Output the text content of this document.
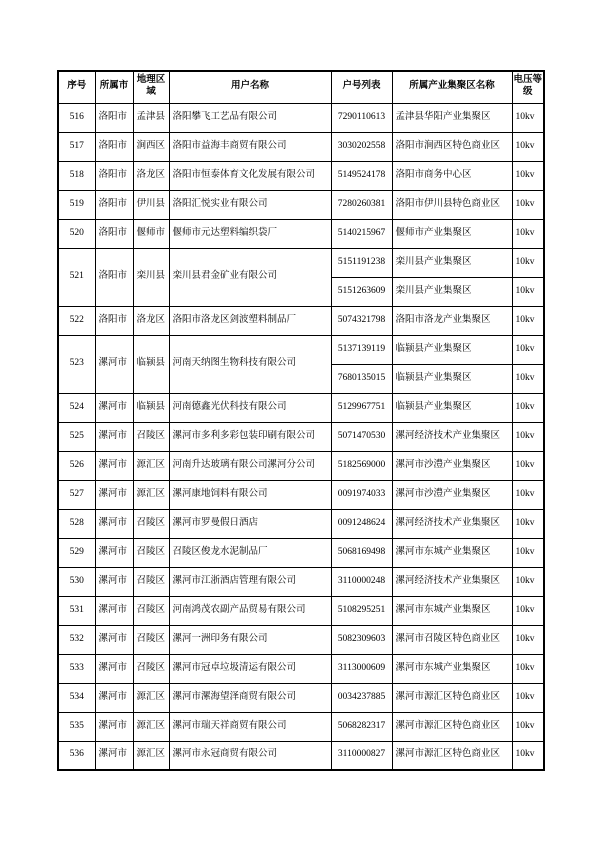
序号	所属市	地理区域	用户名称	户号列表	所属产业集聚区名称	电压等级
516	洛阳市	孟津县	洛阳攀飞工艺品有限公司	7290110613	孟津县华阳产业集聚区	10kv
517	洛阳市	涧西区	洛阳市益海丰商贸有限公司	3030202558	洛阳市涧西区特色商业区	10kv
518	洛阳市	洛龙区	洛阳市恒泰体育文化发展有限公司	5149524178	洛阳市商务中心区	10kv
519	洛阳市	伊川县	洛阳汇悦实业有限公司	7280260381	洛阳市伊川县特色商业区	10kv
520	洛阳市	偃师市	偃师市元达塑料编织袋厂	5140215967	偃师市产业集聚区	10kv
521	洛阳市	栾川县	栾川县君金矿业有限公司	5151191238	栾川县产业集聚区	10kv
				5151263609	栾川县产业集聚区	10kv
522	洛阳市	洛龙区	洛阳市洛龙区剑波塑料制品厂	5074321798	洛阳市洛龙产业集聚区	10kv
523	漯河市	临颍县	河南天纳图生物科技有限公司	5137139119	临颍县产业集聚区	10kv
				7680135015	临颍县产业集聚区	10kv
524	漯河市	临颍县	河南德鑫光伏科技有限公司	5129967751	临颍县产业集聚区	10kv
525	漯河市	召陵区	漯河市多利多彩包装印刷有限公司	5071470530	漯河经济技术产业集聚区	10kv
526	漯河市	源汇区	河南升达玻璃有限公司漯河分公司	5182569000	漯河市沙澧产业集聚区	10kv
527	漯河市	源汇区	漯河康地饲料有限公司	0091974033	漯河市沙澧产业集聚区	10kv
528	漯河市	召陵区	漯河市罗曼假日酒店	0091248624	漯河经济技术产业集聚区	10kv
529	漯河市	召陵区	召陵区俊龙水泥制品厂	5068169498	漯河市东城产业集聚区	10kv
530	漯河市	召陵区	漯河市江浙酒店管理有限公司	3110000248	漯河经济技术产业集聚区	10kv
531	漯河市	召陵区	河南鸿茂农副产品贸易有限公司	5108295251	漯河市东城产业集聚区	10kv
532	漯河市	召陵区	漯河一洲印务有限公司	5082309603	漯河市召陵区特色商业区	10kv
533	漯河市	召陵区	漯河市冠卓垃圾清运有限公司	3113000609	漯河市东城产业集聚区	10kv
534	漯河市	源汇区	漯河市漯海望泽商贸有限公司	0034237885	漯河市源汇区特色商业区	10kv
535	漯河市	源汇区	漯河市瑞天祥商贸有限公司	5068282317	漯河市源汇区特色商业区	10kv
536	漯河市	源汇区	漯河市永冠商贸有限公司	3110000827	漯河市源汇区特色商业区	10kv
